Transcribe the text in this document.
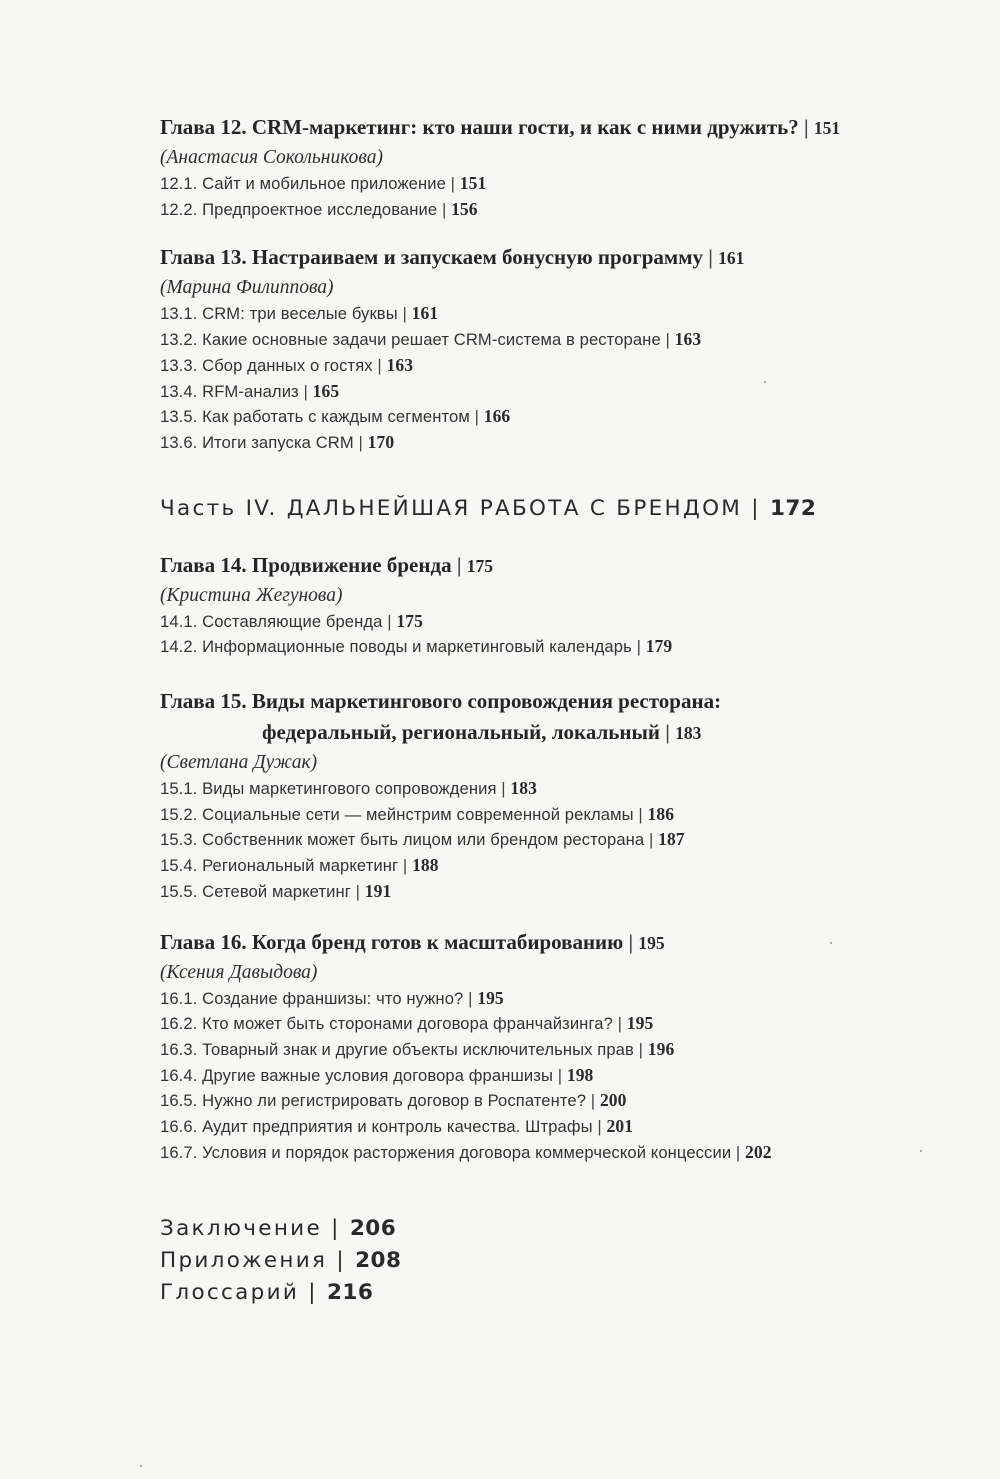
Глава 12. CRM-маркетинг: кто наши гости, и как с ними дружить? | 151
(Анастасия Сокольникова)
12.1. Сайт и мобильное приложение | 151
12.2. Предпроектное исследование | 156
Глава 13. Настраиваем и запускаем бонусную программу | 161
(Марина Филиппова)
13.1. CRM: три веселые буквы | 161
13.2. Какие основные задачи решает CRM-система в ресторане | 163
13.3. Сбор данных о гостях | 163
13.4. RFM-анализ | 165
13.5. Как работать с каждым сегментом | 166
13.6. Итоги запуска CRM | 170
Часть IV. ДАЛЬНЕЙШАЯ РАБОТА С БРЕНДОМ | 172
Глава 14. Продвижение бренда | 175
(Кристина Жегунова)
14.1. Составляющие бренда | 175
14.2. Информационные поводы и маркетинговый календарь | 179
Глава 15. Виды маркетингового сопровождения ресторана:
федеральный, региональный, локальный | 183
(Светлана Дужак)
15.1. Виды маркетингового сопровождения | 183
15.2. Социальные сети — мейнстрим современной рекламы | 186
15.3. Собственник может быть лицом или брендом ресторана | 187
15.4. Региональный маркетинг | 188
15.5. Сетевой маркетинг | 191
Глава 16. Когда бренд готов к масштабированию | 195
(Ксения Давыдова)
16.1. Создание франшизы: что нужно? | 195
16.2. Кто может быть сторонами договора франчайзинга? | 195
16.3. Товарный знак и другие объекты исключительных прав | 196
16.4. Другие важные условия договора франшизы | 198
16.5. Нужно ли регистрировать договор в Роспатенте? | 200
16.6. Аудит предприятия и контроль качества. Штрафы | 201
16.7. Условия и порядок расторжения договора коммерческой концессии | 202
Заключение | 206
Приложения | 208
Глоссарий | 216
